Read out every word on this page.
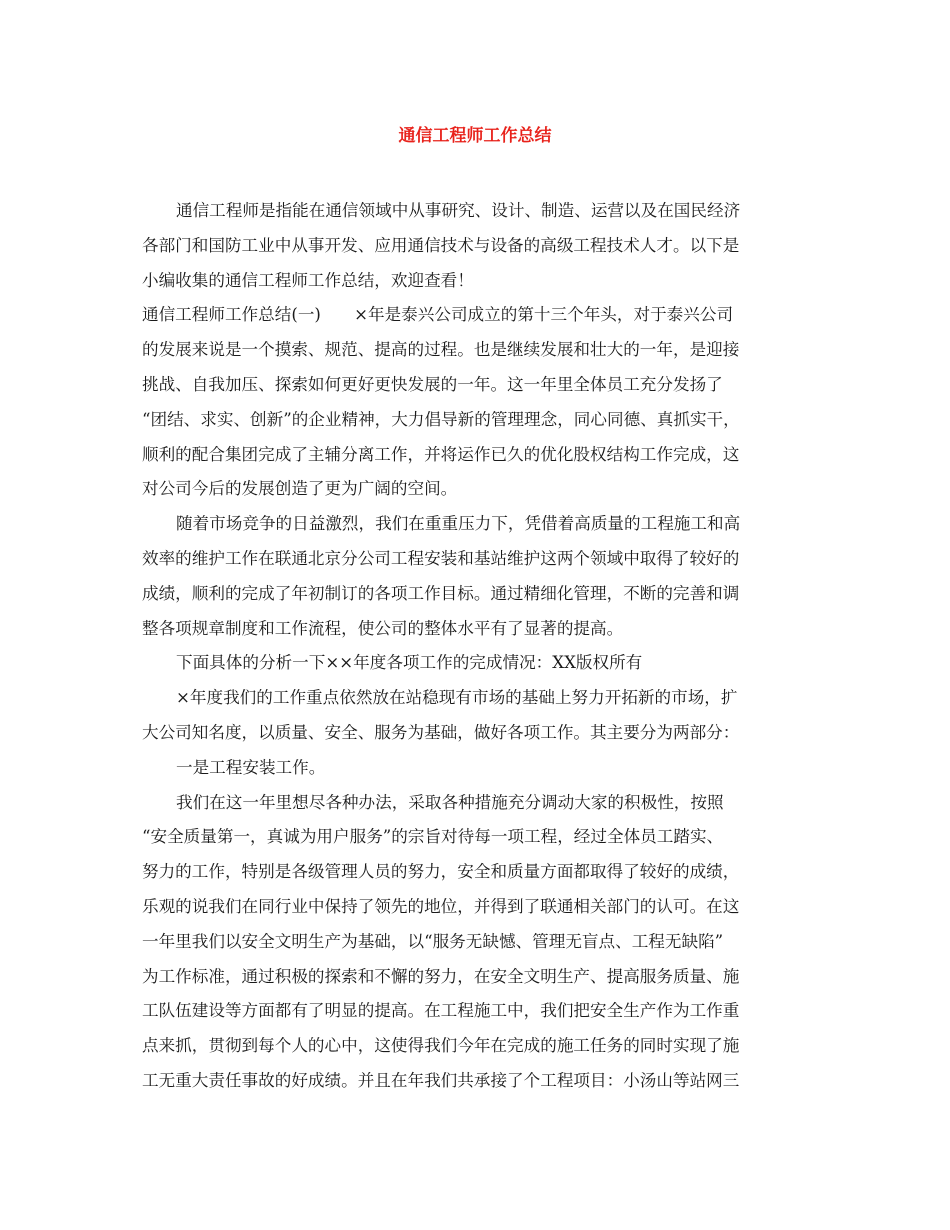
通信工程师工作总结
通信工程师是指能在通信领域中从事研究、设计、制造、运营以及在国民经济
各部门和国防工业中从事开发、应用通信技术与设备的高级工程技术人才。以下是
小编收集的通信工程师工作总结，欢迎查看！
通信工程师工作总结(一)　　×年是泰兴公司成立的第十三个年头，对于泰兴公司
的发展来说是一个摸索、规范、提高的过程。也是继续发展和壮大的一年，是迎接
挑战、自我加压、探索如何更好更快发展的一年。这一年里全体员工充分发扬了
“团结、求实、创新”的企业精神，大力倡导新的管理理念，同心同德、真抓实干，
顺利的配合集团完成了主辅分离工作，并将运作已久的优化股权结构工作完成，这
对公司今后的发展创造了更为广阔的空间。
随着市场竞争的日益激烈，我们在重重压力下，凭借着高质量的工程施工和高
效率的维护工作在联通北京分公司工程安装和基站维护这两个领域中取得了较好的
成绩，顺利的完成了年初制订的各项工作目标。通过精细化管理，不断的完善和调
整各项规章制度和工作流程，使公司的整体水平有了显著的提高。
下面具体的分析一下××年度各项工作的完成情况：XX版权所有
×年度我们的工作重点依然放在站稳现有市场的基础上努力开拓新的市场，扩
大公司知名度，以质量、安全、服务为基础，做好各项工作。其主要分为两部分：
一是工程安装工作。
我们在这一年里想尽各种办法，采取各种措施充分调动大家的积极性，按照
“安全质量第一，真诚为用户服务”的宗旨对待每一项工程，经过全体员工踏实、
努力的工作，特别是各级管理人员的努力，安全和质量方面都取得了较好的成绩，
乐观的说我们在同行业中保持了领先的地位，并得到了联通相关部门的认可。在这
一年里我们以安全文明生产为基础，以“服务无缺憾、管理无盲点、工程无缺陷”
为工作标准，通过积极的探索和不懈的努力，在安全文明生产、提高服务质量、施
工队伍建设等方面都有了明显的提高。在工程施工中，我们把安全生产作为工作重
点来抓，贯彻到每个人的心中，这使得我们今年在完成的施工任务的同时实现了施
工无重大责任事故的好成绩。并且在年我们共承接了个工程项目：小汤山等站网三
